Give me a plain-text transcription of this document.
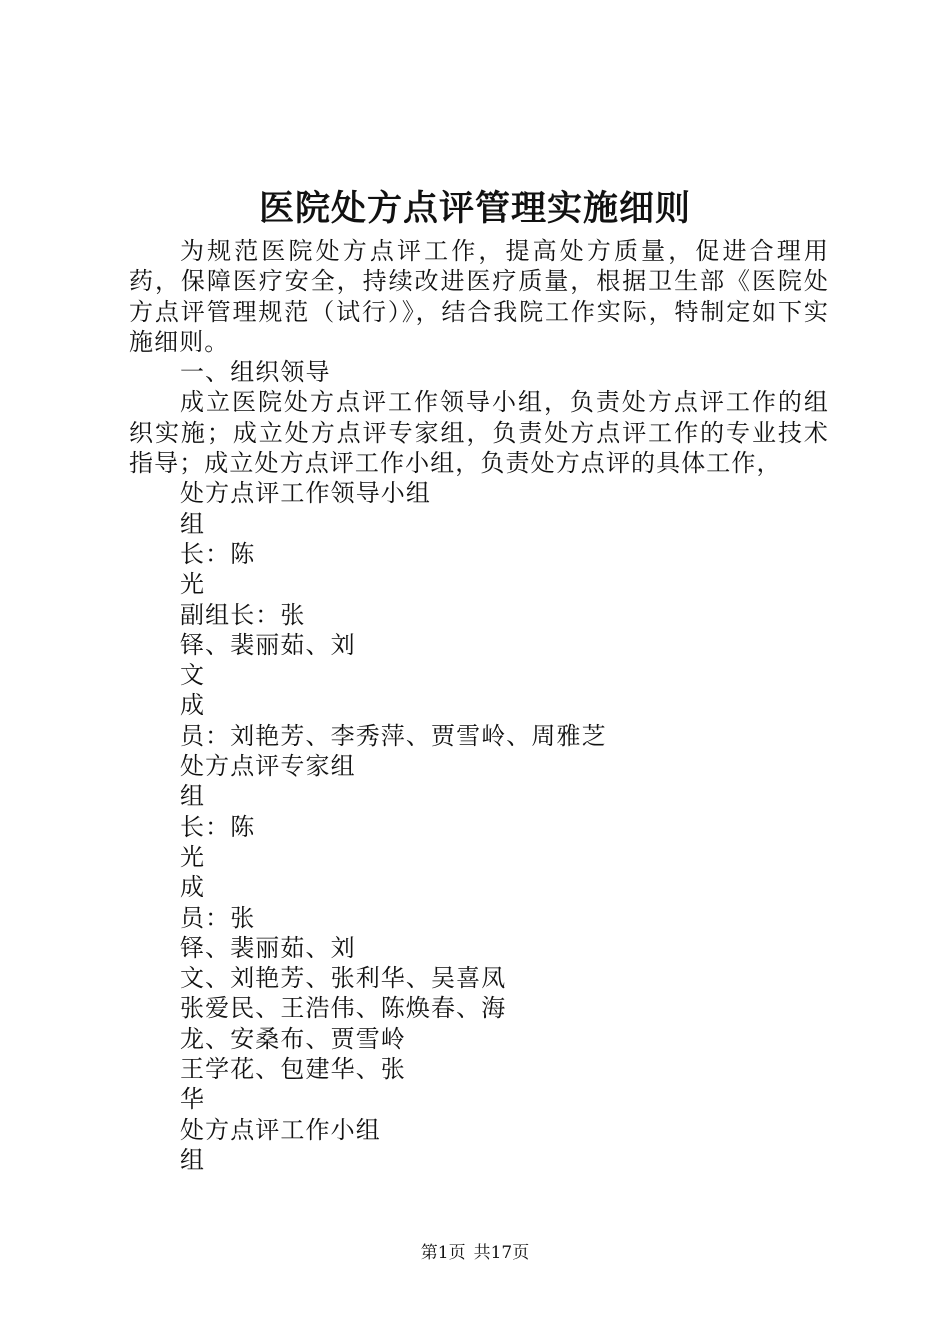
医院处方点评管理实施细则

为规范医院处方点评工作，提高处方质量，促进合理用药，保障医疗安全，持续改进医疗质量，根据卫生部《医院处方点评管理规范（试行）》，结合我院工作实际，特制定如下实施细则。

一、组织领导

成立医院处方点评工作领导小组，负责处方点评工作的组织实施；成立处方点评专家组，负责处方点评工作的专业技术指导；成立处方点评工作小组，负责处方点评的具体工作，

处方点评工作领导小组

组

长：陈

光

副组长：张

铎、裴丽茹、刘

文

成

员：刘艳芳、李秀萍、贾雪岭、周雅芝

处方点评专家组

组

长：陈

光

成

员：张

铎、裴丽茹、刘

文、刘艳芳、张利华、吴喜凤

张爱民、王浩伟、陈焕春、海

龙、安桑布、贾雪岭

王学花、包建华、张

华

处方点评工作小组

组

第1页 共17页
